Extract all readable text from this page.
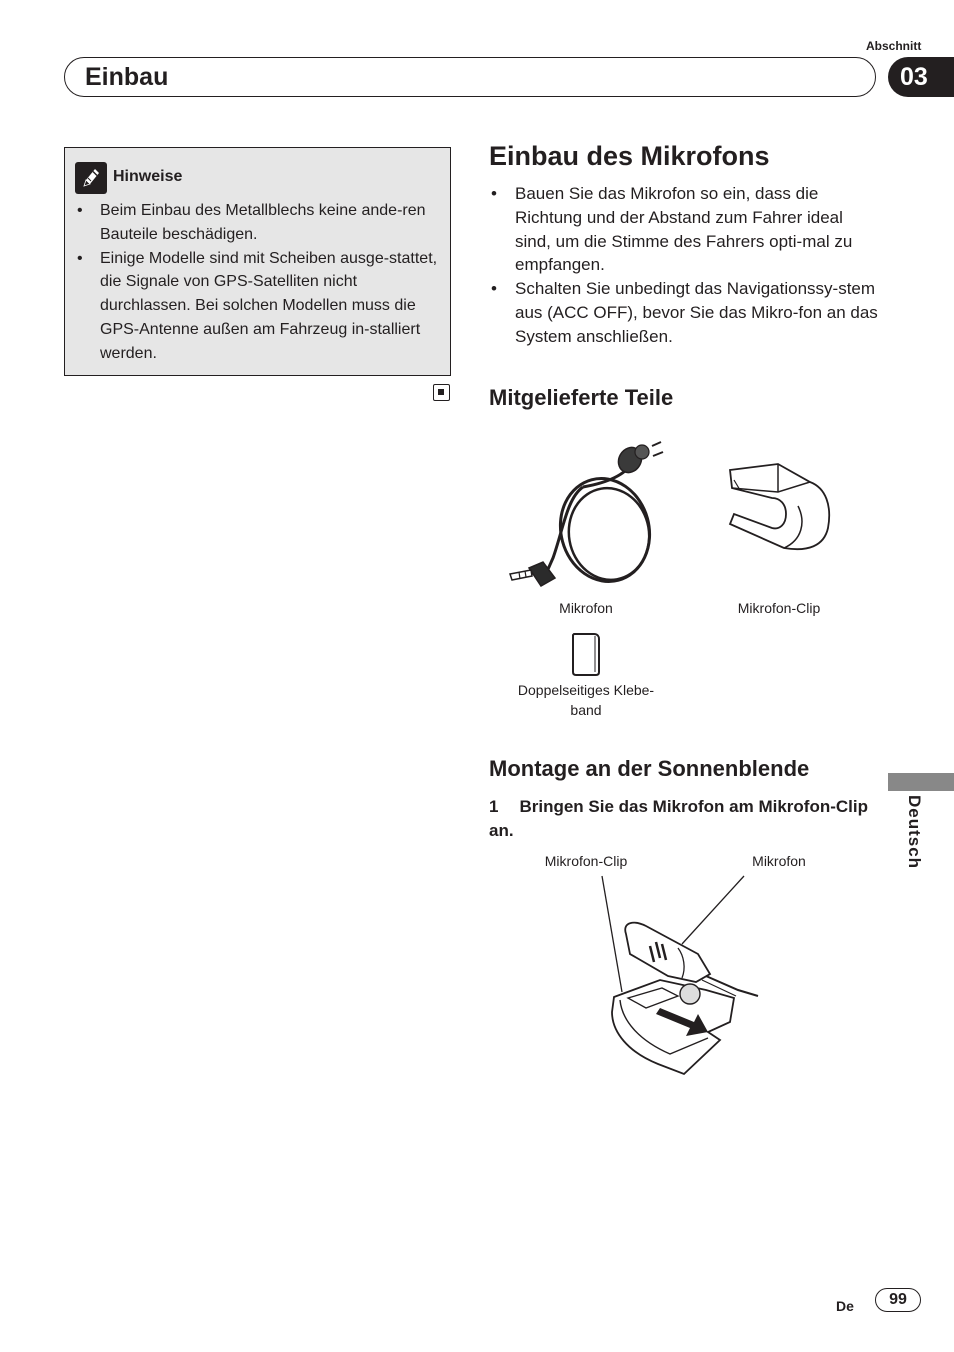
Abschnitt
Einbau	03
Hinweise
• Beim Einbau des Metallblechs keine ande-ren Bauteile beschädigen.
• Einige Modelle sind mit Scheiben ausge-stattet, die Signale von GPS-Satelliten nicht durchlassen. Bei solchen Modellen muss die GPS-Antenne außen am Fahrzeug in-stalliert werden.
Einbau des Mikrofons
• Bauen Sie das Mikrofon so ein, dass die Richtung und der Abstand zum Fahrer ideal sind, um die Stimme des Fahrers opti-mal zu empfangen.
• Schalten Sie unbedingt das Navigationssy-stem aus (ACC OFF), bevor Sie das Mikro-fon an das System anschließen.
Mitgelieferte Teile
Mikrofon	Mikrofon-Clip
Doppelseitiges Klebe-band
Montage an der Sonnenblende
1 Bringen Sie das Mikrofon am Mikrofon-Clip an.
Mikrofon-Clip	Mikrofon	Deutsch
De	99
